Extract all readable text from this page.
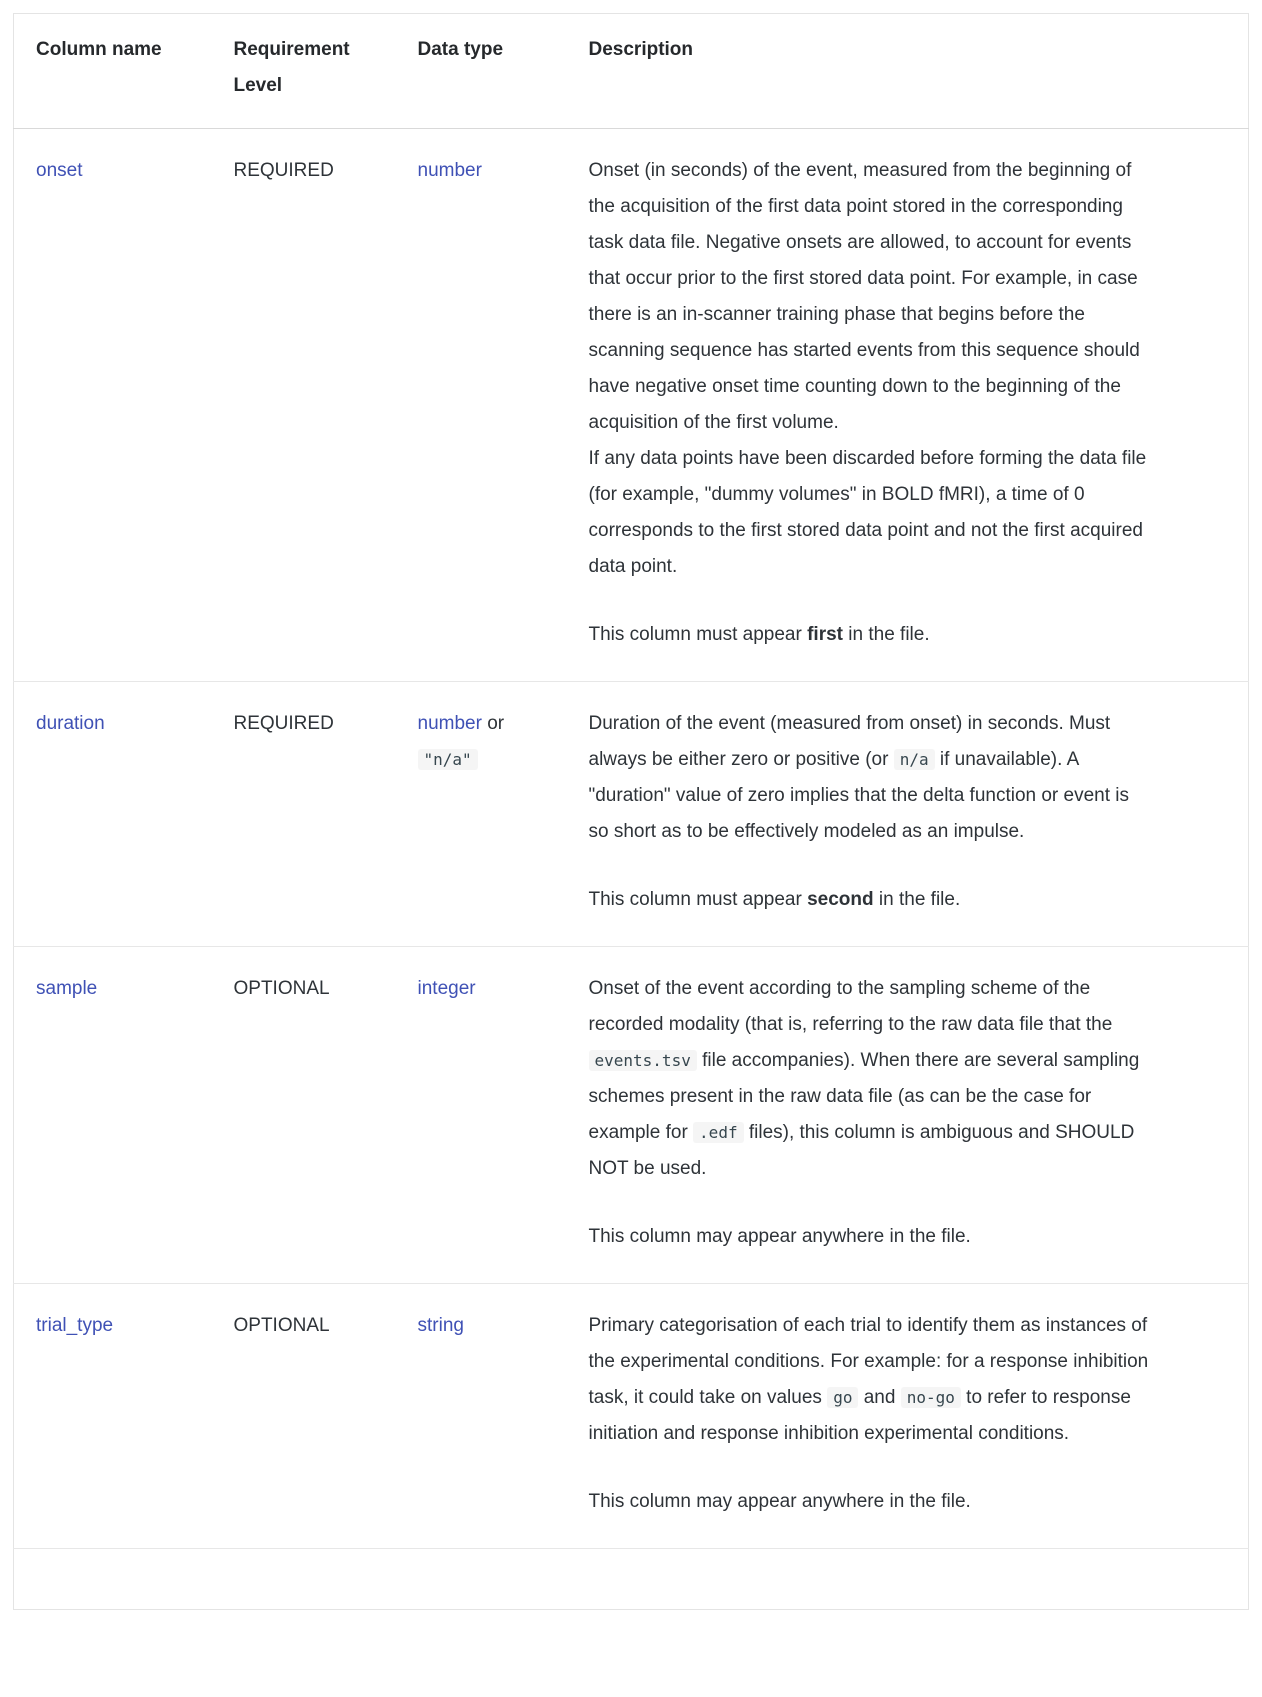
Column name	Requirement Level	Data type	Description
onset	REQUIRED	number	Onset (in seconds) of the event, measured from the beginning of the acquisition of the first data point stored in the corresponding task data file. Negative onsets are allowed, to account for events that occur prior to the first stored data point. For example, in case there is an in-scanner training phase that begins before the scanning sequence has started events from this sequence should have negative onset time counting down to the beginning of the acquisition of the first volume.
If any data points have been discarded before forming the data file (for example, "dummy volumes" in BOLD fMRI), a time of 0 corresponds to the first stored data point and not the first acquired data point.

This column must appear first in the file.

duration	REQUIRED	number or "n/a"	Duration of the event (measured from onset) in seconds. Must always be either zero or positive (or n/a if unavailable). A "duration" value of zero implies that the delta function or event is so short as to be effectively modeled as an impulse.

This column must appear second in the file.

sample	OPTIONAL	integer	Onset of the event according to the sampling scheme of the recorded modality (that is, referring to the raw data file that the events.tsv file accompanies). When there are several sampling schemes present in the raw data file (as can be the case for example for .edf files), this column is ambiguous and SHOULD NOT be used.

This column may appear anywhere in the file.

trial_type	OPTIONAL	string	Primary categorisation of each trial to identify them as instances of the experimental conditions. For example: for a response inhibition task, it could take on values go and no-go to refer to response initiation and response inhibition experimental conditions.

This column may appear anywhere in the file.
